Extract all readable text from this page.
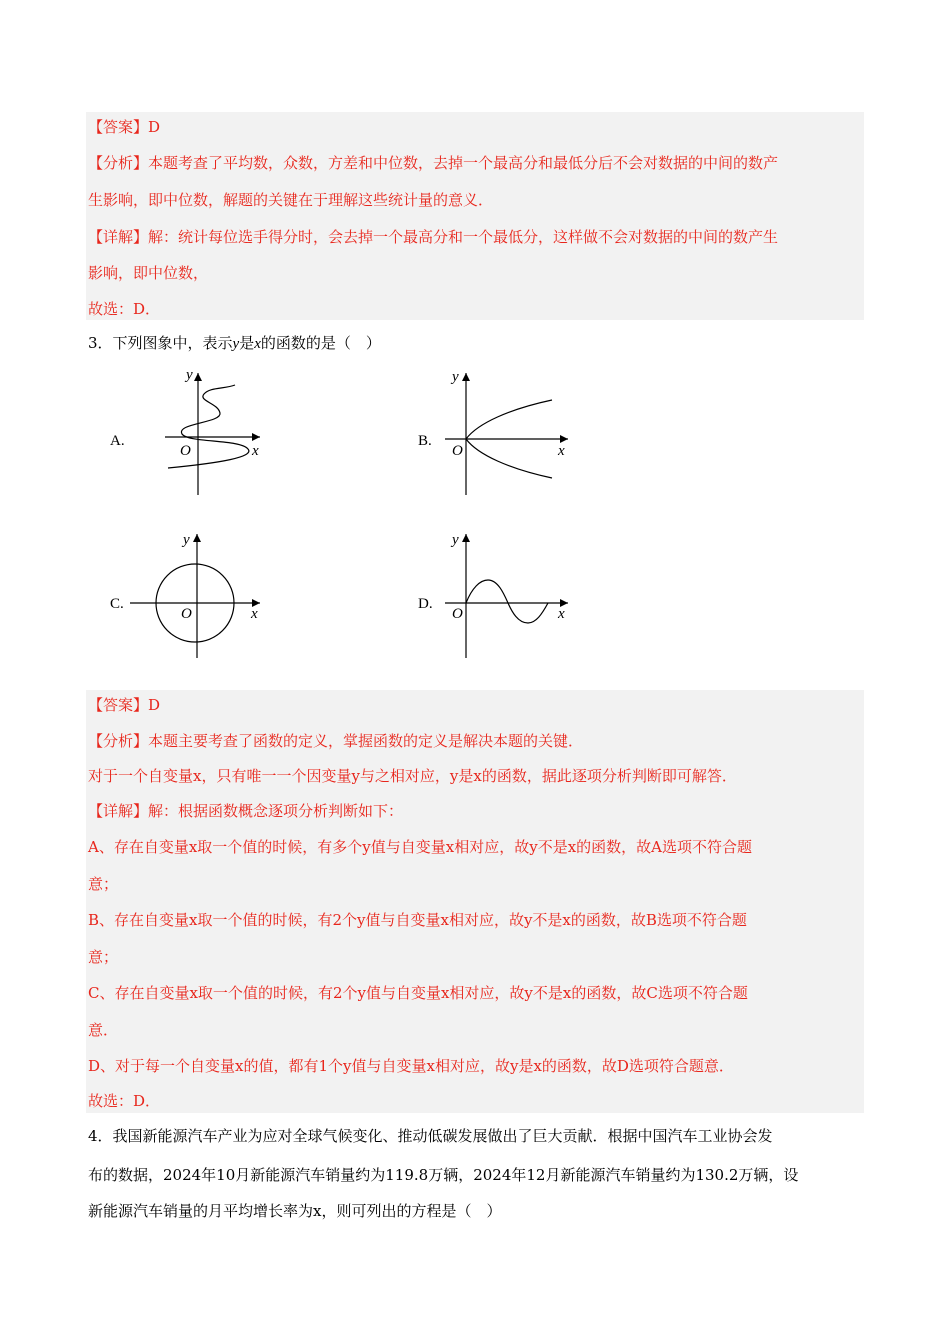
【答案】D
【分析】本题考查了平均数，众数，方差和中位数，去掉一个最高分和最低分后不会对数据的中间的数产
生影响，即中位数，解题的关键在于理解这些统计量的意义．
【详解】解：统计每位选手得分时，会去掉一个最高分和一个最低分，这样做不会对数据的中间的数产生
影响，即中位数，
故选：D．
3．下列图象中，表示y是x的函数的是（　）
A.	B.
C.	D.
y
x
O
y
x
O
y
x
O
y
x
O
【答案】D
【分析】本题主要考查了函数的定义，掌握函数的定义是解决本题的关键．
对于一个自变量x，只有唯一一个因变量y与之相对应，y是x的函数，据此逐项分析判断即可解答．
【详解】解：根据函数概念逐项分析判断如下：
A、存在自变量x取一个值的时候，有多个y值与自变量x相对应，故y不是x的函数，故A选项不符合题
意；
B、存在自变量x取一个值的时候，有2个y值与自变量x相对应，故y不是x的函数，故B选项不符合题
意；
C、存在自变量x取一个值的时候，有2个y值与自变量x相对应，故y不是x的函数，故C选项不符合题
意．
D、对于每一个自变量x的值，都有1个y值与自变量x相对应，故y是x的函数，故D选项符合题意．
故选：D．
4．我国新能源汽车产业为应对全球气候变化、推动低碳发展做出了巨大贡献．根据中国汽车工业协会发
布的数据，2024年10月新能源汽车销量约为119.8万辆，2024年12月新能源汽车销量约为130.2万辆，设
新能源汽车销量的月平均增长率为x，则可列出的方程是（　）
